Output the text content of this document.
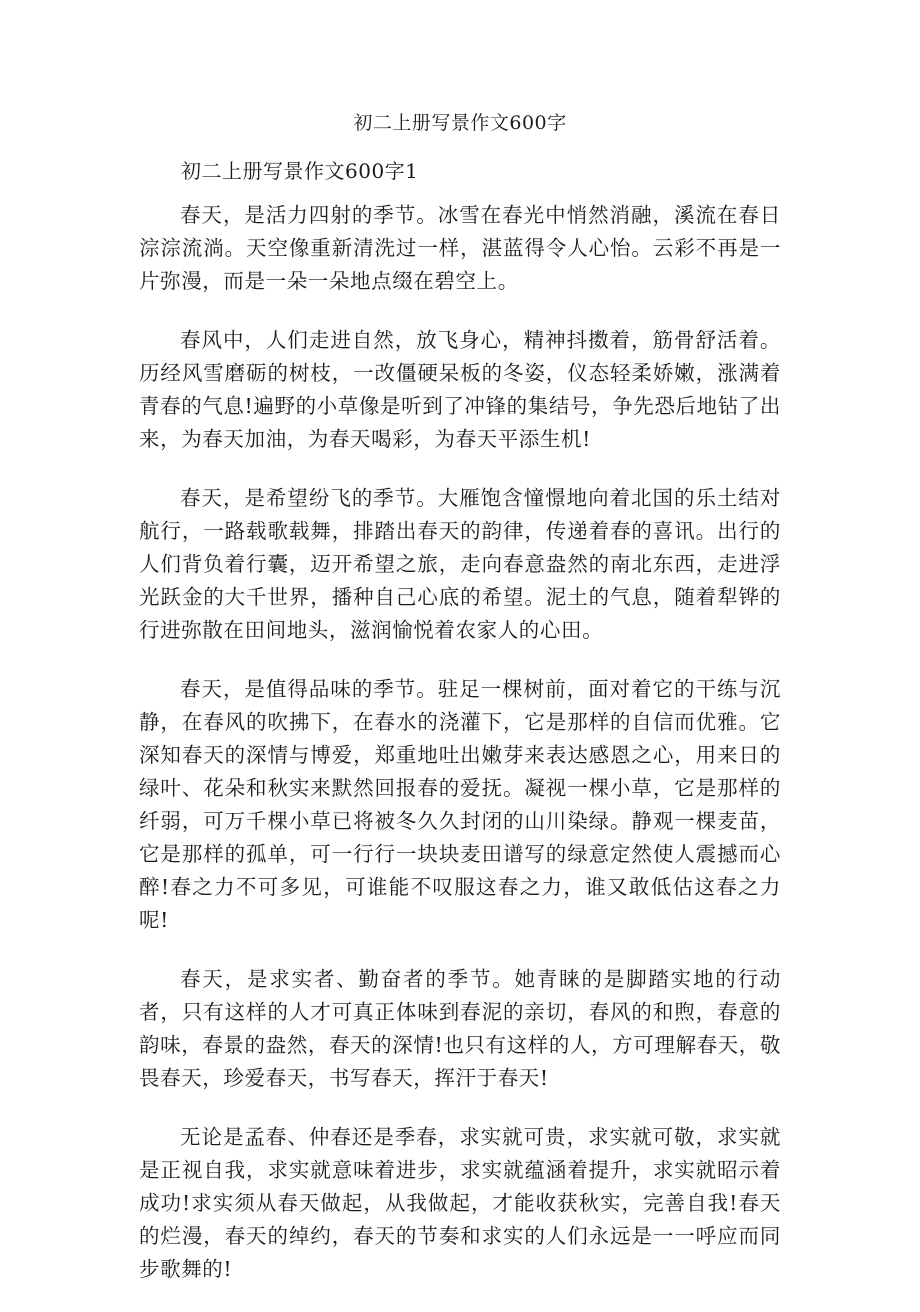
初二上册写景作文600字
初二上册写景作文600字1

春天，是活力四射的季节。冰雪在春光中悄然消融，溪流在春日淙淙流淌。天空像重新清洗过一样，湛蓝得令人心怡。云彩不再是一片弥漫，而是一朵一朵地点缀在碧空上。

春风中，人们走进自然，放飞身心，精神抖擞着，筋骨舒活着。历经风雪磨砺的树枝，一改僵硬呆板的冬姿，仪态轻柔娇嫩，涨满着青春的气息!遍野的小草像是听到了冲锋的集结号，争先恐后地钻了出来，为春天加油，为春天喝彩，为春天平添生机!

春天，是希望纷飞的季节。大雁饱含憧憬地向着北国的乐土结对航行，一路载歌载舞，排踏出春天的韵律，传递着春的喜讯。出行的人们背负着行囊，迈开希望之旅，走向春意盎然的南北东西，走进浮光跃金的大千世界，播种自己心底的希望。泥土的气息，随着犁铧的行进弥散在田间地头，滋润愉悦着农家人的心田。

春天，是值得品味的季节。驻足一棵树前，面对着它的干练与沉静，在春风的吹拂下，在春水的浇灌下，它是那样的自信而优雅。它深知春天的深情与博爱，郑重地吐出嫩芽来表达感恩之心，用来日的绿叶、花朵和秋实来默然回报春的爱抚。凝视一棵小草，它是那样的纤弱，可万千棵小草已将被冬久久封闭的山川染绿。静观一棵麦苗，它是那样的孤单，可一行行一块块麦田谱写的绿意定然使人震撼而心醉!春之力不可多见，可谁能不叹服这春之力，谁又敢低估这春之力呢!

春天，是求实者、勤奋者的季节。她青睐的是脚踏实地的行动者，只有这样的人才可真正体味到春泥的亲切，春风的和煦，春意的韵味，春景的盎然，春天的深情!也只有这样的人，方可理解春天，敬畏春天，珍爱春天，书写春天，挥汗于春天!

无论是孟春、仲春还是季春，求实就可贵，求实就可敬，求实就是正视自我，求实就意味着进步，求实就蕴涵着提升，求实就昭示着成功!求实须从春天做起，从我做起，才能收获秋实，完善自我!春天的烂漫，春天的绰约，春天的节奏和求实的人们永远是一一呼应而同步歌舞的!
